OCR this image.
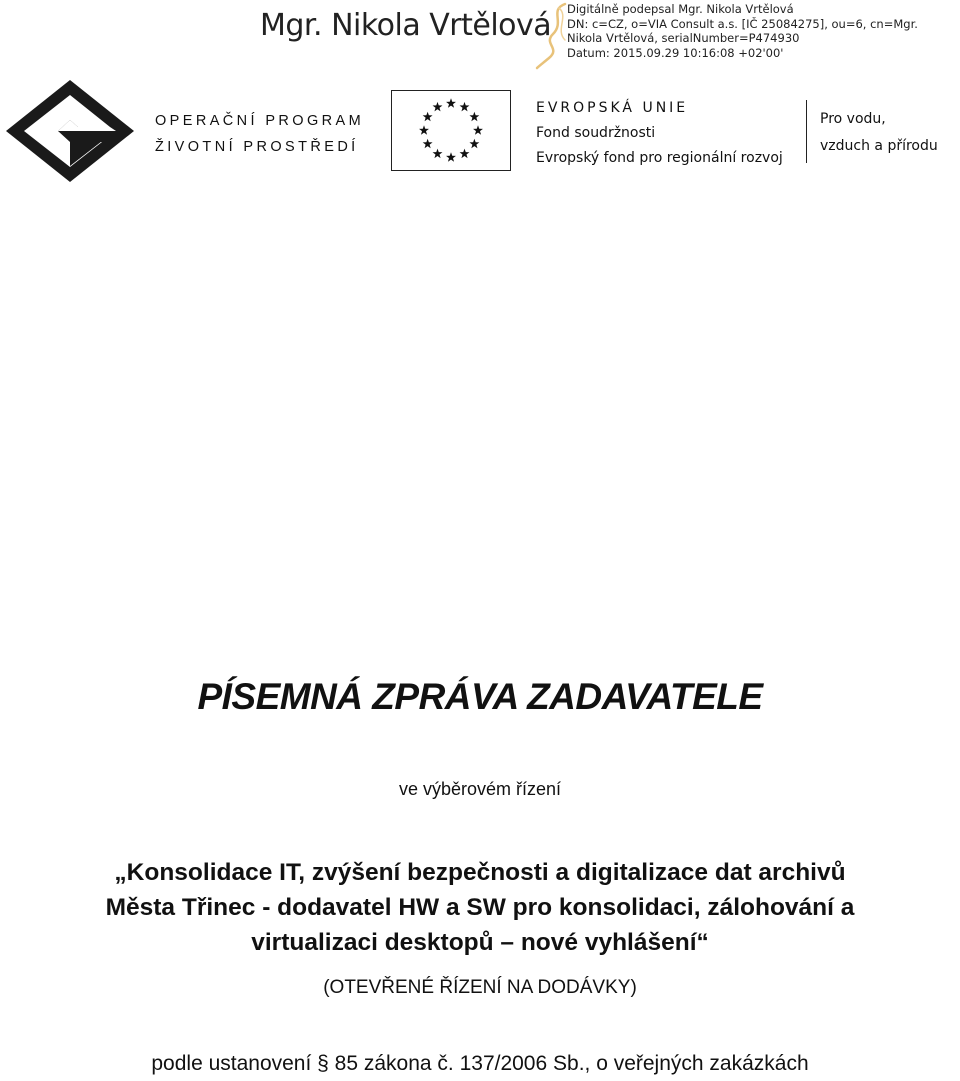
Mgr. Nikola Vrtělová Digitálně podepsal Mgr. Nikola Vrtělová
DN: c=CZ, o=VIA Consult a.s. [IČ 25084275], ou=6, cn=Mgr.
Nikola Vrtělová, serialNumber=P474930
Datum: 2015.09.29 10:16:08 +02'00'
OPERAČNÍ PROGRAM
ŽIVOTNÍ PROSTŘEDÍ
EVROPSKÁ UNIE
Fond soudržnosti
Evropský fond pro regionální rozvoj
Pro vodu,
vzduch a přírodu
PÍSEMNÁ ZPRÁVA ZADAVATELE
ve výběrovém řízení
„Konsolidace IT, zvýšení bezpečnosti a digitalizace dat archivů
Města Třinec - dodavatel HW a SW pro konsolidaci, zálohování a
virtualizaci desktopů – nové vyhlášení“
(OTEVŘENÉ ŘÍZENÍ NA DODÁVKY)
podle ustanovení § 85 zákona č. 137/2006 Sb., o veřejných zakázkách
